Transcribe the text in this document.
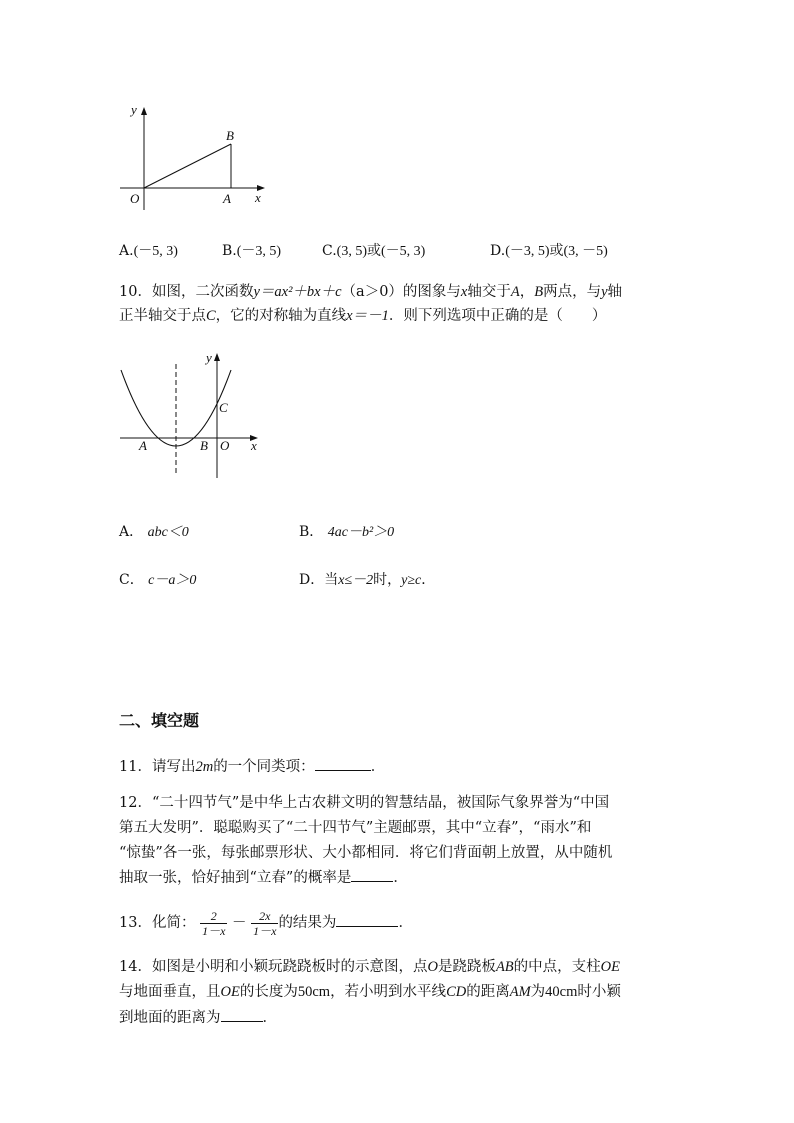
y
B
O	A x
A.(－5, 3)	B.(－3, 5)	C.(3, 5)或(－5, 3)	D.(－3, 5)或(3, －5)
10．如图，二次函数y＝ax²＋bx＋c（a＞0）的图象与x轴交于A，B两点，与y轴
正半轴交于点C，它的对称轴为直线x＝－1．则下列选项中正确的是（　　）
y
C
A	B O x
A． abc＜0	B． 4ac－b²＞0
C． c－a＞0	D．当x≤－2时，y≥c．
二、填空题
11．请写出2m的一个同类项：	．
12．“二十四节气”是中华上古农耕文明的智慧结晶，被国际气象界誉为“中国
第五大发明”．聪聪购买了“二十四节气”主题邮票，其中“立春”，“雨水”和
“惊蛰”各一张，每张邮票形状、大小都相同．将它们背面朝上放置，从中随机
抽取一张，恰好抽到“立春”的概率是	．
13．化简： $\frac{2}{1-x} - \frac{2x}{1-x}$ 的结果为	．
14．如图是小明和小颖玩跷跷板时的示意图，点O是跷跷板AB的中点，支柱OE
与地面垂直，且OE的长度为50cm，若小明到水平线CD的距离AM为40cm时小颖
到地面的距离为	．
